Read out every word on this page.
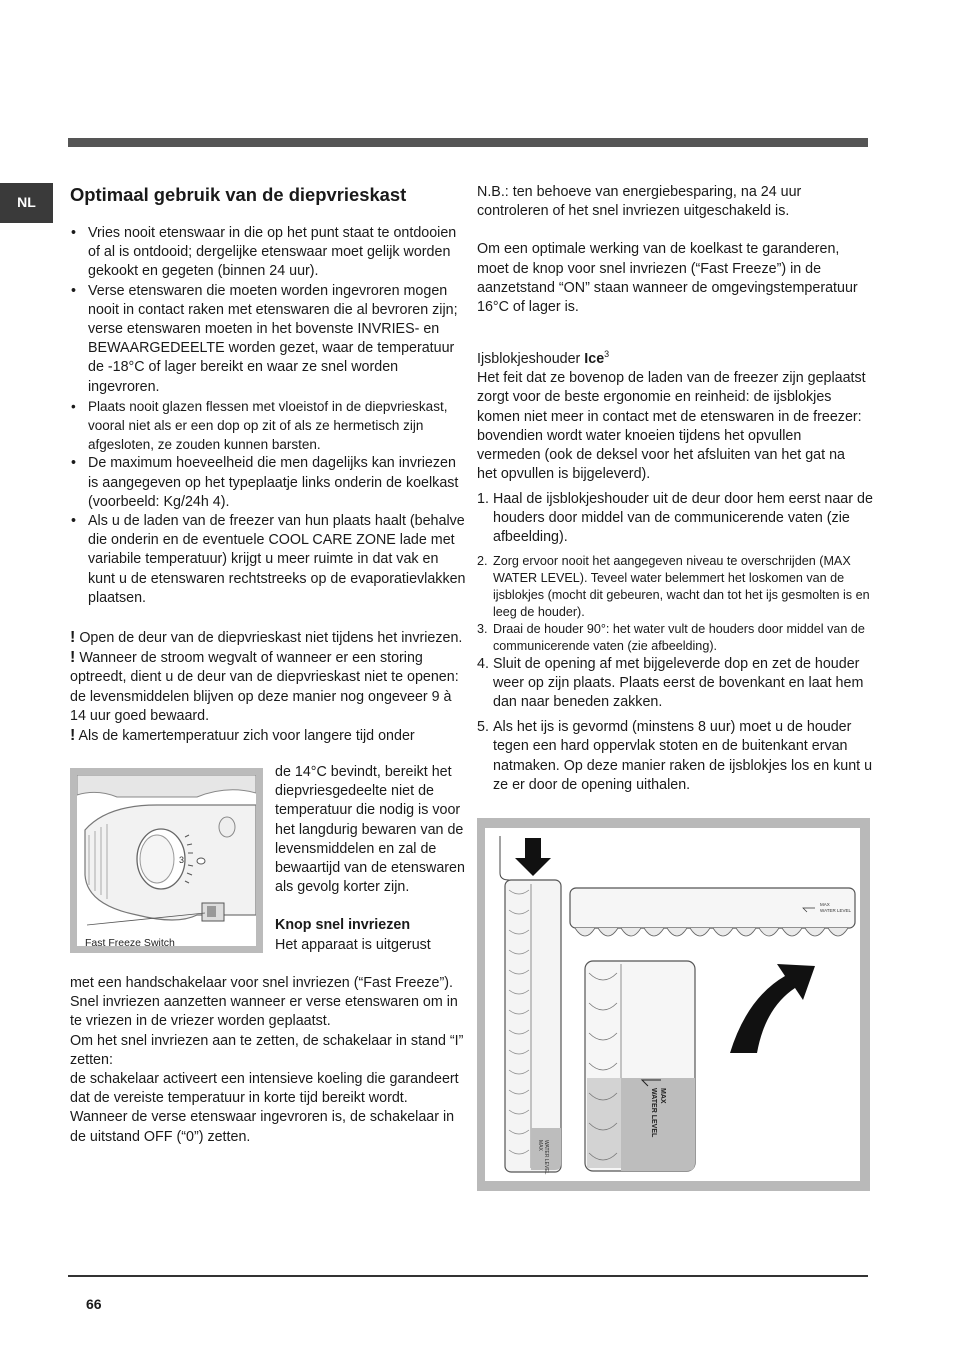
NL	Optimaal gebruik van de diepvrieskast
• Vries nooit etenswaar in die op het punt staat te ontdooien of al is ontdooid; dergelijke etenswaar moet gelijk worden gekookt en gegeten (binnen 24 uur).
• Verse etenswaren die moeten worden ingevroren mogen nooit in contact raken met etenswaren die al bevroren zijn; verse etenswaren moeten in het bovenste INVRIES- en BEWAARGEDEELTE worden gezet, waar de temperatuur de -18°C of lager bereikt en waar ze snel worden ingevroren.
• Plaats nooit glazen flessen met vloeistof in de diepvrieskast, vooral niet als er een dop op zit of als ze hermetisch zijn afgesloten, ze zouden kunnen barsten.
• De maximum hoeveelheid die men dagelijks kan invriezen is aangegeven op het typeplaatje links onderin de koelkast (voorbeeld: Kg/24h 4).
• Als u de laden van de freezer van hun plaats haalt (behalve die onderin en de eventuele COOL CARE ZONE lade met variabile temperatuur) krijgt u meer ruimte in dat vak en kunt u de etenswaren rechtstreeks op de evaporatievlakken plaatsen.

! Open de deur van de diepvrieskast niet tijdens het invriezen.

! Wanneer de stroom wegvalt of wanneer er een storing optreedt, dient u de deur van de diepvrieskast niet te openen: de levensmiddelen blijven op deze manier nog ongeveer 9 à 14 uur goed bewaard.

! Als de kamertemperatuur zich voor langere tijd onder

3
Fast Freeze Switch

de 14°C bevindt, bereikt het diepvriesgedeelte niet de temperatuur die nodig is voor het langdurig bewaren van de levensmiddelen en zal de bewaartijd van de etenswaren als gevolg korter zijn.

Knop snel invriezen

Het apparaat is uitgerust

met een handschakelaar voor snel invriezen (“Fast Freeze”).

Snel invriezen aanzetten wanneer er verse etenswaren om in te vriezen in de vriezer worden geplaatst.

Om het snel invriezen aan te zetten, de schakelaar in stand “I” zetten:

de schakelaar activeert een intensieve koeling die garandeert dat de vereiste temperatuur in korte tijd bereikt wordt.

Wanneer de verse etenswaar ingevroren is, de schakelaar in de uitstand OFF (“0”) zetten.

N.B.: ten behoeve van energiebesparing, na 24 uur controleren of het snel invriezen uitgeschakeld is.

Om een optimale werking van de koelkast te garanderen, moet de knop voor snel invriezen (“Fast Freeze”) in de aanzetstand “ON” staan wanneer de omgevingstemperatuur 16°C of lager is.

Ijsblokjeshouder Ice$^3$

Het feit dat ze bovenop de laden van de freezer zijn geplaatst zorgt voor de beste ergonomie en reinheid: de ijsblokjes komen niet meer in contact met de etenswaren in de freezer: bovendien wordt water knoeien tijdens het opvullen vermeden (ook de deksel voor het afsluiten van het gat na het opvullen is bijgeleverd).

1. Haal de ijsblokjeshouder uit de deur door hem eerst naar de houders door middel van de communicerende vaten (zie afbeelding).
2. Zorg ervoor nooit het aangegeven niveau te overschrijden (MAX WATER LEVEL). Teveel water belemmert het loskomen van de ijsblokjes (mocht dit gebeuren, wacht dan tot het ijs gesmolten is en leeg de houder).
3. Draai de houder 90°: het water vult de houders door middel van de communicerende vaten (zie afbeelding).
4. Sluit de opening af met bijgeleverde dop en zet de houder weer op zijn plaats. Plaats eerst de bovenkant en laat hem dan naar beneden zakken.
5. Als het ijs is gevormd (minstens 8 uur) moet u de houder tegen een hard oppervlak stoten en de buitenkant ervan natmaken. Op deze manier raken de ijsblokjes los en kunt u ze er door de opening uithalen.
MAX WATER LEVEL
MAX
WATER LEVEL
MAX
WATER LEVEL
66
